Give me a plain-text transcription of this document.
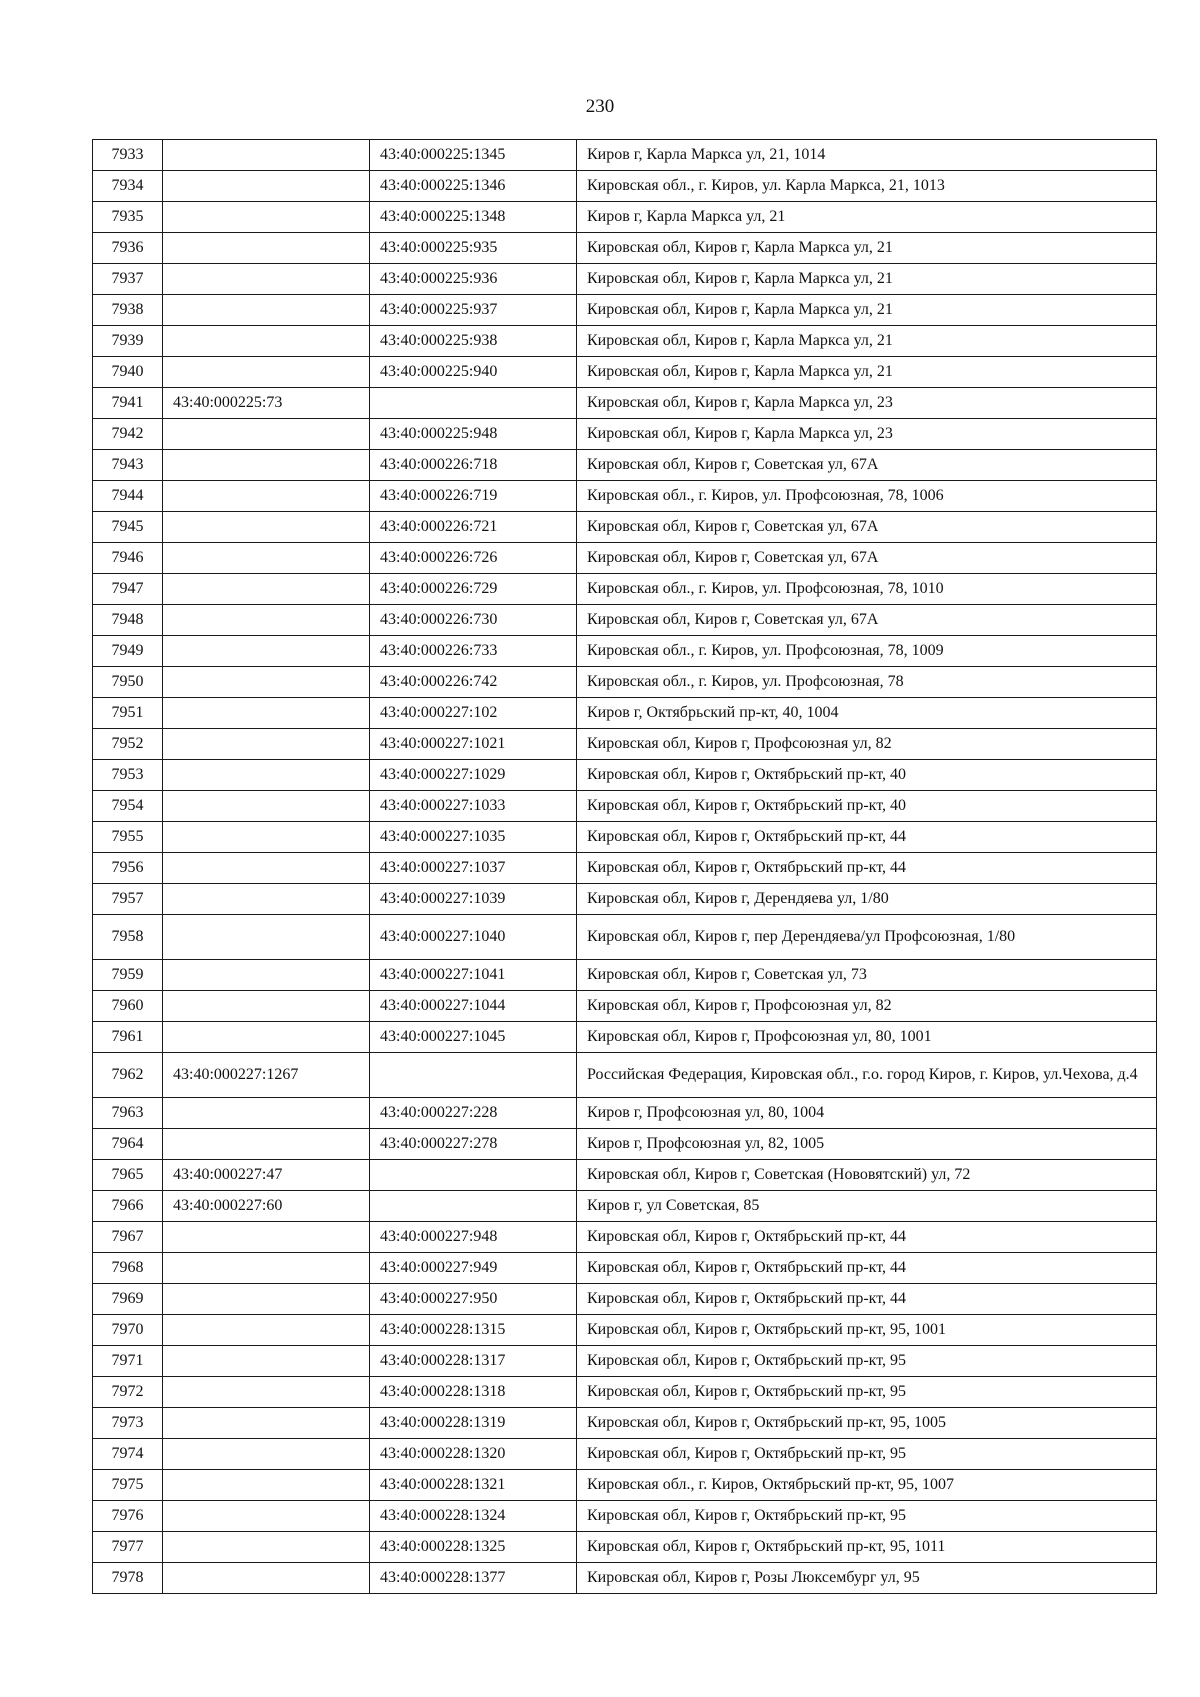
230
7933		43:40:000225:1345	Киров г, Карла Маркса ул, 21, 1014
7934		43:40:000225:1346	Кировская обл., г. Киров, ул. Карла Маркса, 21, 1013
7935		43:40:000225:1348	Киров г, Карла Маркса ул, 21
7936		43:40:000225:935	Кировская обл, Киров г, Карла Маркса ул, 21
7937		43:40:000225:936	Кировская обл, Киров г, Карла Маркса ул, 21
7938		43:40:000225:937	Кировская обл, Киров г, Карла Маркса ул, 21
7939		43:40:000225:938	Кировская обл, Киров г, Карла Маркса ул, 21
7940		43:40:000225:940	Кировская обл, Киров г, Карла Маркса ул, 21
7941	43:40:000225:73		Кировская обл, Киров г, Карла Маркса ул, 23
7942		43:40:000225:948	Кировская обл, Киров г, Карла Маркса ул, 23
7943		43:40:000226:718	Кировская обл, Киров г, Советская ул, 67А
7944		43:40:000226:719	Кировская обл., г. Киров, ул. Профсоюзная, 78, 1006
7945		43:40:000226:721	Кировская обл, Киров г, Советская ул, 67А
7946		43:40:000226:726	Кировская обл, Киров г, Советская ул, 67А
7947		43:40:000226:729	Кировская обл., г. Киров, ул. Профсоюзная, 78, 1010
7948		43:40:000226:730	Кировская обл, Киров г, Советская ул, 67А
7949		43:40:000226:733	Кировская обл., г. Киров, ул. Профсоюзная, 78, 1009
7950		43:40:000226:742	Кировская обл., г. Киров, ул. Профсоюзная, 78
7951		43:40:000227:102	Киров г, Октябрьский пр-кт, 40, 1004
7952		43:40:000227:1021	Кировская обл, Киров г, Профсоюзная ул, 82
7953		43:40:000227:1029	Кировская обл, Киров г, Октябрьский пр-кт, 40
7954		43:40:000227:1033	Кировская обл, Киров г, Октябрьский пр-кт, 40
7955		43:40:000227:1035	Кировская обл, Киров г, Октябрьский пр-кт, 44
7956		43:40:000227:1037	Кировская обл, Киров г, Октябрьский пр-кт, 44
7957		43:40:000227:1039	Кировская обл, Киров г, Дерендяева ул, 1/80
7958		43:40:000227:1040	Кировская обл, Киров г, пер Дерендяева/ул Профсоюзная, 1/80
7959		43:40:000227:1041	Кировская обл, Киров г, Советская ул, 73
7960		43:40:000227:1044	Кировская обл, Киров г, Профсоюзная ул, 82
7961		43:40:000227:1045	Кировская обл, Киров г, Профсоюзная ул, 80, 1001
7962	43:40:000227:1267		Российская Федерация, Кировская обл., г.о. город Киров, г. Киров, ул.Чехова, д.4
7963		43:40:000227:228	Киров г, Профсоюзная ул, 80, 1004
7964		43:40:000227:278	Киров г, Профсоюзная ул, 82, 1005
7965	43:40:000227:47		Кировская обл, Киров г, Советская (Нововятский) ул, 72
7966	43:40:000227:60		Киров г, ул Советская, 85
7967		43:40:000227:948	Кировская обл, Киров г, Октябрьский пр-кт, 44
7968		43:40:000227:949	Кировская обл, Киров г, Октябрьский пр-кт, 44
7969		43:40:000227:950	Кировская обл, Киров г, Октябрьский пр-кт, 44
7970		43:40:000228:1315	Кировская обл, Киров г, Октябрьский пр-кт, 95, 1001
7971		43:40:000228:1317	Кировская обл, Киров г, Октябрьский пр-кт, 95
7972		43:40:000228:1318	Кировская обл, Киров г, Октябрьский пр-кт, 95
7973		43:40:000228:1319	Кировская обл, Киров г, Октябрьский пр-кт, 95, 1005
7974		43:40:000228:1320	Кировская обл, Киров г, Октябрьский пр-кт, 95
7975		43:40:000228:1321	Кировская обл., г. Киров, Октябрьский пр-кт, 95, 1007
7976		43:40:000228:1324	Кировская обл, Киров г, Октябрьский пр-кт, 95
7977		43:40:000228:1325	Кировская обл, Киров г, Октябрьский пр-кт, 95, 1011
7978		43:40:000228:1377	Кировская обл, Киров г, Розы Люксембург ул, 95
